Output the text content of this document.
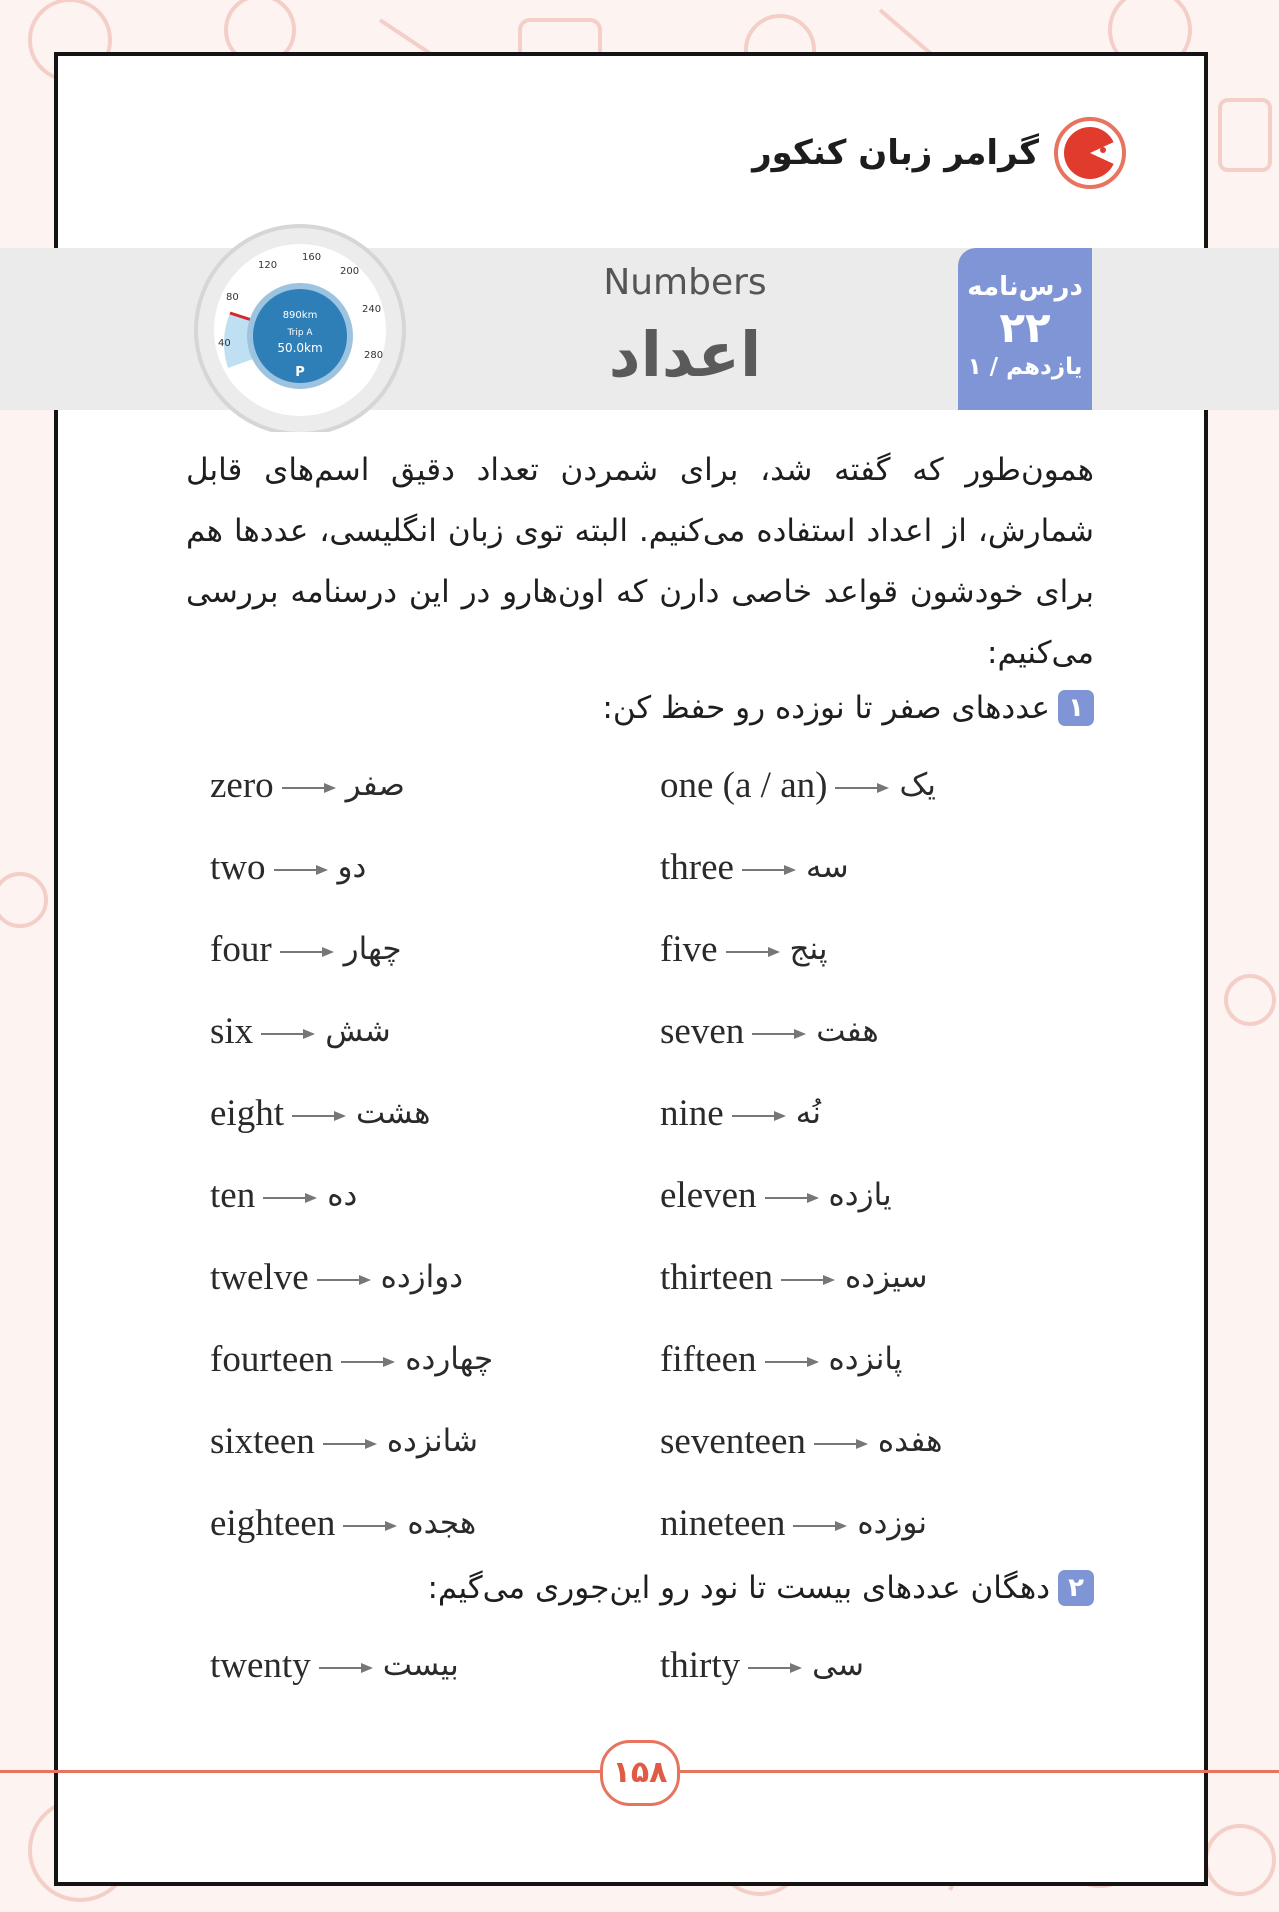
گرامر زبان کنکور
40
80
120
160
200
240
280
890km
Trip A
50.0km
P
Numbers
اعداد
درس‌نامه
۲۲
یازدهم / ۱
همون‌طور که گفته شد، برای شمردن تعداد دقیق اسم‌های قابل شمارش، از اعداد استفاده می‌کنیم. البته توی زبان انگلیسی، عددها هم برای خودشون قواعد خاصی دارن که اون‌هارو در این درسنامه بررسی می‌کنیم:
۱
عددهای صفر تا نوزده رو حفظ کن:
zero صفر	one (a / an) یک
two دو	three سه
four چهار	five پنج
six شش	seven هفت
eight هشت	nine نُه
ten ده	eleven یازده
twelve دوازده	thirteen سیزده
fourteen چهارده	fifteen پانزده
sixteen شانزده	seventeen هفده
eighteen هجده	nineteen نوزده
۲
دهگان عددهای بیست تا نود رو این‌جوری می‌گیم:
twenty بیست	thirty سی
۱۵۸
